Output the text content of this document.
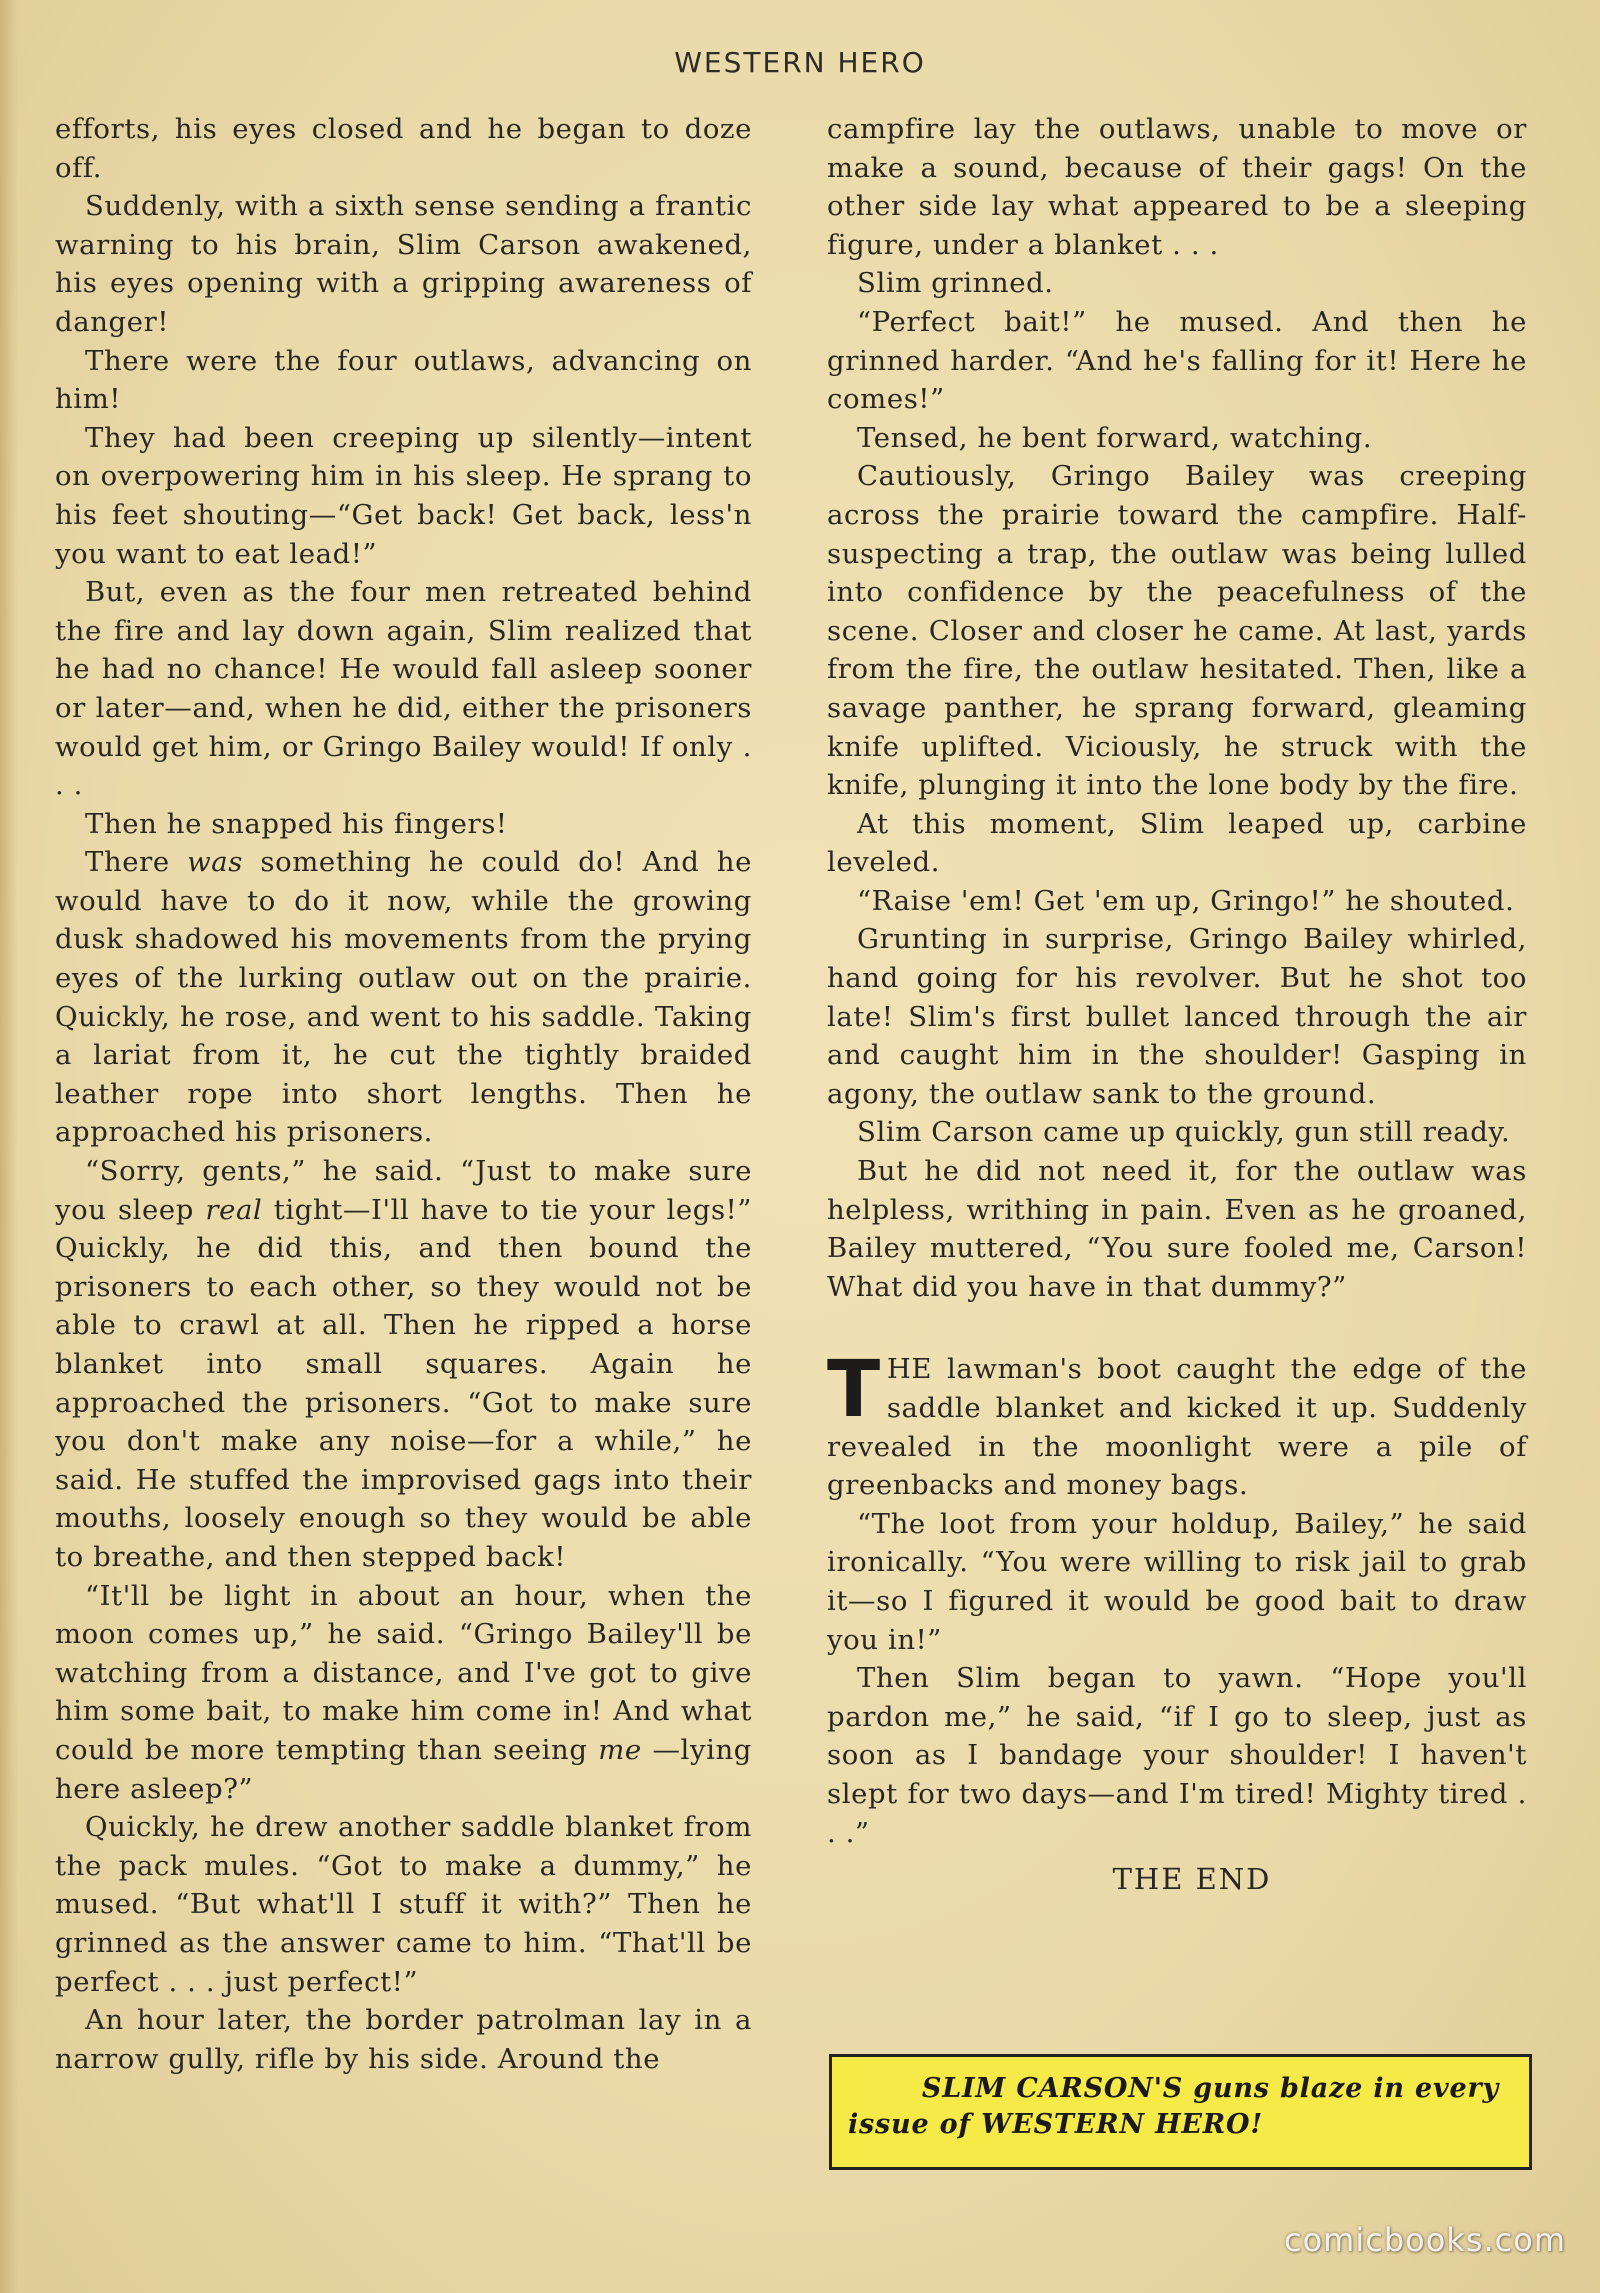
WESTERN HERO

efforts, his eyes closed and he began to doze off.

Suddenly, with a sixth sense sending a frantic warning to his brain, Slim Carson awakened, his eyes opening with a gripping awareness of danger!

There were the four outlaws, advancing on him!

They had been creeping up silently—intent on overpowering him in his sleep. He sprang to his feet shouting—“Get back! Get back, less'n you want to eat lead!”

But, even as the four men retreated behind the fire and lay down again, Slim realized that he had no chance! He would fall asleep sooner or later—and, when he did, either the prisoners would get him, or Gringo Bailey would! If only . . .

Then he snapped his fingers!

There was something he could do! And he would have to do it now, while the growing dusk shadowed his movements from the prying eyes of the lurking outlaw out on the prairie. Quickly, he rose, and went to his saddle. Taking a lariat from it, he cut the tightly braided leather rope into short lengths. Then he approached his prisoners.

“Sorry, gents,” he said. “Just to make sure you sleep real tight—I'll have to tie your legs!” Quickly, he did this, and then bound the prisoners to each other, so they would not be able to crawl at all. Then he ripped a horse blanket into small squares. Again he approached the prisoners. “Got to make sure you don't make any noise—for a while,” he said. He stuffed the improvised gags into their mouths, loosely enough so they would be able to breathe, and then stepped back!

“It'll be light in about an hour, when the moon comes up,” he said. “Gringo Bailey'll be watching from a distance, and I've got to give him some bait, to make him come in! And what could be more tempting than seeing me —lying here asleep?”

Quickly, he drew another saddle blanket from the pack mules. “Got to make a dummy,” he mused. “But what'll I stuff it with?” Then he grinned as the answer came to him. “That'll be perfect . . . just perfect!”

An hour later, the border patrolman lay in a narrow gully, rifle by his side. Around the

campfire lay the outlaws, unable to move or make a sound, because of their gags! On the other side lay what appeared to be a sleeping figure, under a blanket . . .

Slim grinned.

“Perfect bait!” he mused. And then he grinned harder. “And he's falling for it! Here he comes!”

Tensed, he bent forward, watching.

Cautiously, Gringo Bailey was creeping across the prairie toward the campfire. Half-suspecting a trap, the outlaw was being lulled into confidence by the peacefulness of the scene. Closer and closer he came. At last, yards from the fire, the outlaw hesitated. Then, like a savage panther, he sprang forward, gleaming knife uplifted. Viciously, he struck with the knife, plunging it into the lone body by the fire.

At this moment, Slim leaped up, carbine leveled.

“Raise 'em! Get 'em up, Gringo!” he shouted.

Grunting in surprise, Gringo Bailey whirled, hand going for his revolver. But he shot too late! Slim's first bullet lanced through the air and caught him in the shoulder! Gasping in agony, the outlaw sank to the ground.

Slim Carson came up quickly, gun still ready.

But he did not need it, for the outlaw was helpless, writhing in pain. Even as he groaned, Bailey muttered, “You sure fooled me, Carson! What did you have in that dummy?”

THE lawman's boot caught the edge of the saddle blanket and kicked it up. Suddenly revealed in the moonlight were a pile of greenbacks and money bags.

“The loot from your holdup, Bailey,” he said ironically. “You were willing to risk jail to grab it—so I figured it would be good bait to draw you in!”

Then Slim began to yawn. “Hope you'll pardon me,” he said, “if I go to sleep, just as soon as I bandage your shoulder! I haven't slept for two days—and I'm tired! Mighty tired . . .”

THE END
SLIM CARSON'S guns blaze in every
issue of WESTERN HERO!
comicbooks.com
